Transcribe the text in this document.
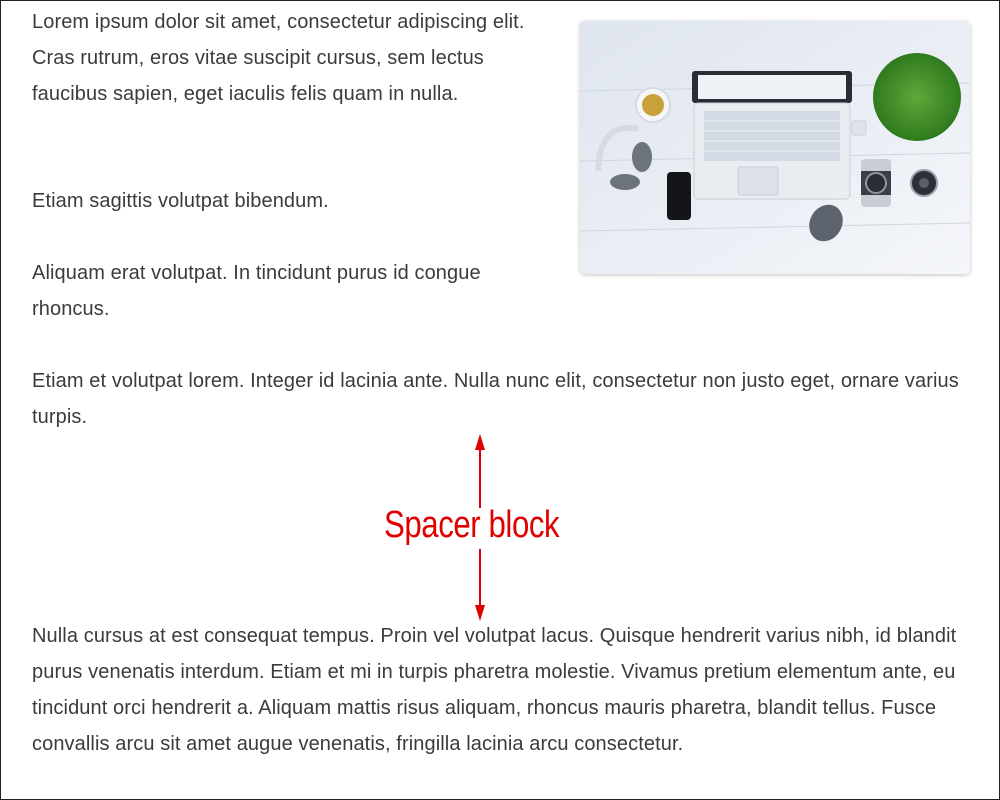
Lorem ipsum dolor sit amet, consectetur adipiscing elit. Cras rutrum, eros vitae suscipit cursus, sem lectus faucibus sapien, eget iaculis felis quam in nulla.

Etiam sagittis volutpat bibendum.

Aliquam erat volutpat. In tincidunt purus id congue rhoncus.

Etiam et volutpat lorem. Integer id lacinia ante. Nulla nunc elit, consectetur non justo eget, ornare varius turpis.

Spacer block

Nulla cursus at est consequat tempus. Proin vel volutpat lacus. Quisque hendrerit varius nibh, id blandit purus venenatis interdum. Etiam et mi in turpis pharetra molestie. Vivamus pretium elementum ante, eu tincidunt orci hendrerit a. Aliquam mattis risus aliquam, rhoncus mauris pharetra, blandit tellus. Fusce convallis arcu sit amet augue venenatis, fringilla lacinia arcu consectetur.
